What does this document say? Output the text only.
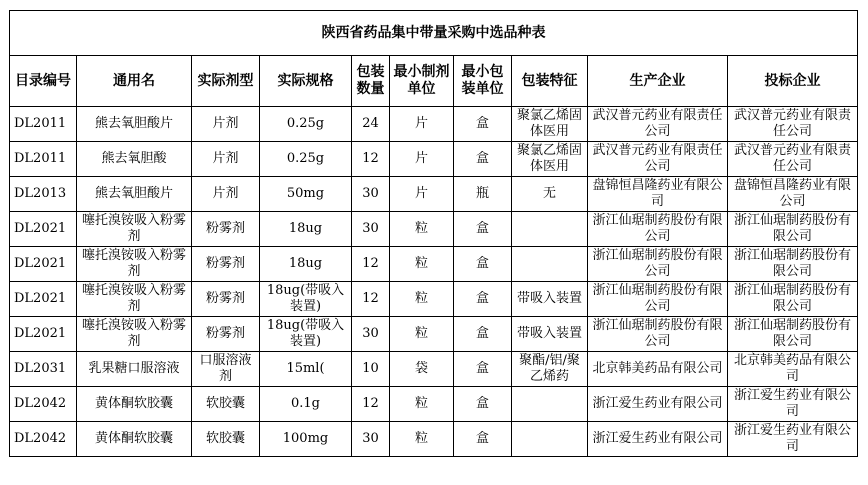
陕西省药品集中带量采购中选品种表									
目录编号	通用名	实际剂型	实际规格	包装数量	最小制剂单位	最小包装单位	包装特征	生产企业	投标企业
DL2011	熊去氧胆酸片	片剂	0.25g	24	片	盒	聚氯乙烯固体医用	武汉普元药业有限责任公司	武汉普元药业有限责任公司
DL2011	熊去氧胆酸	片剂	0.25g	12	片	盒	聚氯乙烯固体医用	武汉普元药业有限责任公司	武汉普元药业有限责任公司
DL2013	熊去氧胆酸片	片剂	50mg	30	片	瓶	无	盘锦恒昌隆药业有限公司	盘锦恒昌隆药业有限公司
DL2021	噻托溴铵吸入粉雾剂	粉雾剂	18ug	30	粒	盒		浙江仙琚制药股份有限公司	浙江仙琚制药股份有限公司
DL2021	噻托溴铵吸入粉雾剂	粉雾剂	18ug	12	粒	盒		浙江仙琚制药股份有限公司	浙江仙琚制药股份有限公司
DL2021	噻托溴铵吸入粉雾剂	粉雾剂	18ug(带吸入装置)	12	粒	盒	带吸入装置	浙江仙琚制药股份有限公司	浙江仙琚制药股份有限公司
DL2021	噻托溴铵吸入粉雾剂	粉雾剂	18ug(带吸入装置)	30	粒	盒	带吸入装置	浙江仙琚制药股份有限公司	浙江仙琚制药股份有限公司
DL2031	乳果糖口服溶液	口服溶液剂	15ml(	10	袋	盒	聚酯/铝/聚乙烯药	北京韩美药品有限公司	北京韩美药品有限公司
DL2042	黄体酮软胶囊	软胶囊	0.1g	12	粒	盒		浙江爱生药业有限公司	浙江爱生药业有限公司
DL2042	黄体酮软胶囊	软胶囊	100mg	30	粒	盒		浙江爱生药业有限公司	浙江爱生药业有限公司
